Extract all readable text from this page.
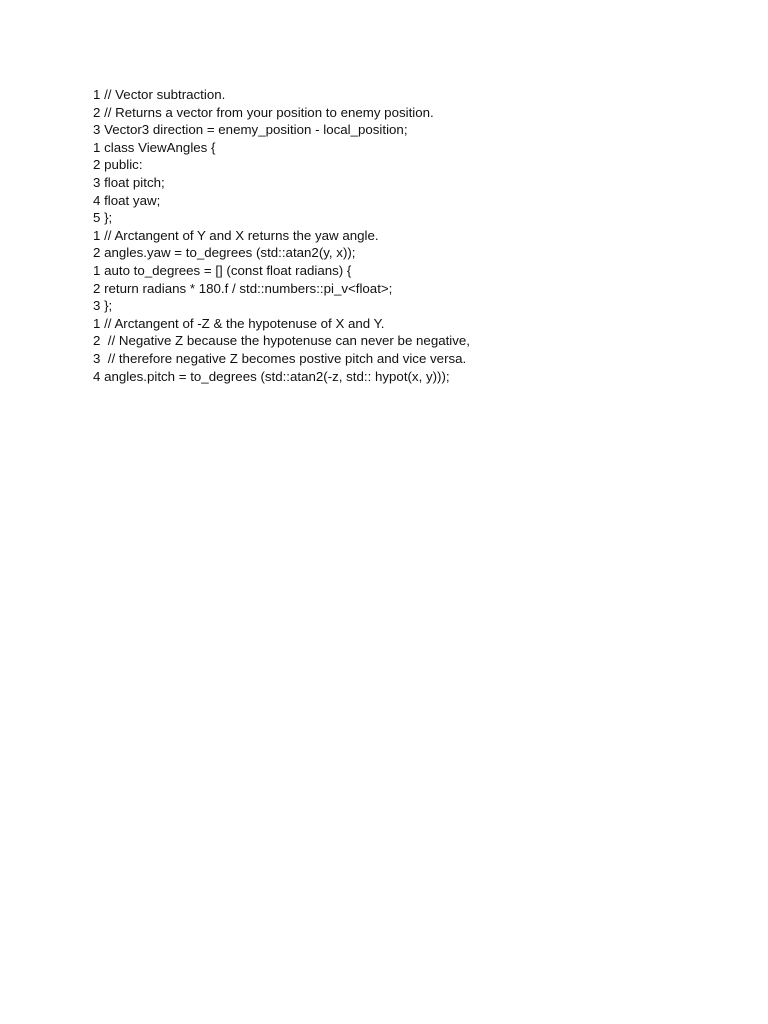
1 // Vector subtraction.
2 // Returns a vector from your position to enemy position.
3 Vector3 direction = enemy_position - local_position;
1 class ViewAngles {
2 public:
3 float pitch;
4 float yaw;
5 };
1 // Arctangent of Y and X returns the yaw angle.
2 angles.yaw = to_degrees (std::atan2(y, x));
1 auto to_degrees = [] (const float radians) {
2 return radians * 180.f / std::numbers::pi_v<float>;
3 };
1 // Arctangent of -Z & the hypotenuse of X and Y.
2  // Negative Z because the hypotenuse can never be negative,
3  // therefore negative Z becomes postive pitch and vice versa.
4 angles.pitch = to_degrees (std::atan2(-z, std:: hypot(x, y)));
